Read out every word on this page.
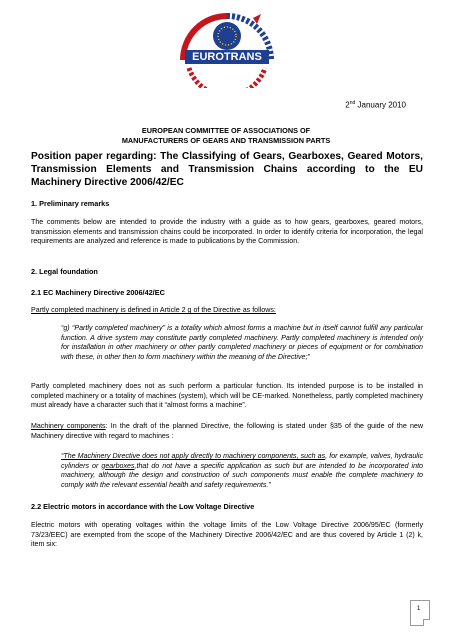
EUROTRANS
2nd January 2010
EUROPEAN COMMITTEE OF ASSOCIATIONS OF
MANUFACTURERS OF GEARS AND TRANSMISSION PARTS
Position paper regarding: The Classifying of Gears, Gearboxes, Geared Motors, Transmission Elements and Transmission Chains according to the EU Machinery Directive 2006/42/EC
1. Preliminary remarks
The comments below are intended to provide the industry with a guide as to how gears, gearboxes, geared motors, transmission elements and transmission chains could be incorporated. In order to identify criteria for incorporation, the legal requirements are analyzed and reference is made to publications by the Commission.
2. Legal foundation
2.1 EC Machinery Directive 2006/42/EC
Partly completed machinery is defined in Article 2 g of the Directive as follows:
“g) “Partly completed machinery” is a totality which almost forms a machine but in itself cannot fulfill any particular function. A drive system may constitute partly completed machinery. Partly completed machinery is intended only for installation in other machinery or other partly completed machinery or pieces of equipment or for combination with these, in other then to form machinery within the meaning of the Directive;”
Partly completed machinery does not as such perform a particular function. Its intended purpose is to be installed in completed machinery or a totality of machines (system), which will be CE-marked. Nonetheless, partly completed machinery must already have a character such that it “almost forms a machine”.
Machinery components: In the draft of the planned Directive, the following is stated under §35 of the guide of the new Machinery directive with regard to machines :
“The Machinery Directive does not apply directly to machinery components, such as, for example, valves, hydraulic cylinders or gearboxes,that do not have a specific application as such but are intended to be incorporated into machinery, although the design and construction of such components must enable the complete machinery to comply with the relevant essential health and safety requirements.”
2.2 Electric motors in accordance with the Low Voltage Directive
Electric motors with operating voltages within the voltage limits of the Low Voltage Directive 2006/95/EC (formerly 73/23/EEC) are exempted from the scope of the Machinery Directive 2006/42/EC and are thus covered by Article 1 (2) k, item six:
1
